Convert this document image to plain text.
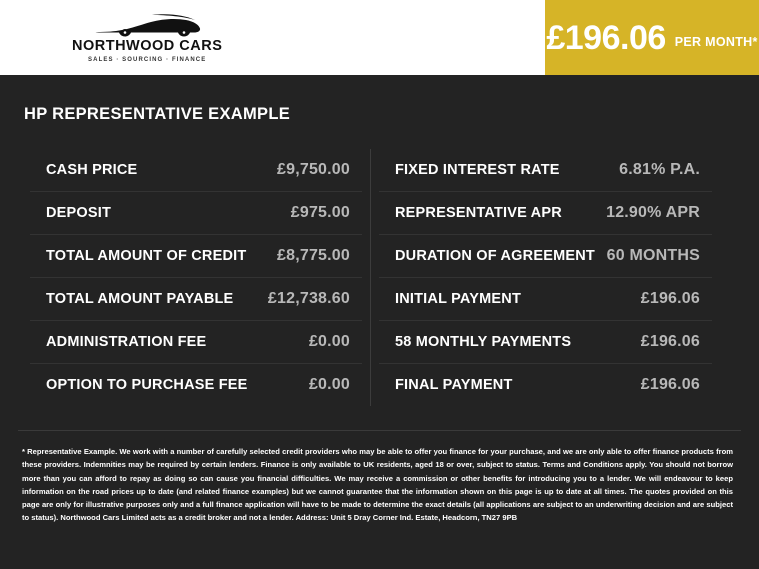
NORTHWOOD CARS
SALES · SOURCING · FINANCE
£196.06 PER MONTH*
HP REPRESENTATIVE EXAMPLE
CASH PRICE	£9,750.00
DEPOSIT	£975.00
TOTAL AMOUNT OF CREDIT £8,775.00
TOTAL AMOUNT PAYABLE £12,738.60
ADMINISTRATION FEE	£0.00
OPTION TO PURCHASE FEE	£0.00
FIXED INTEREST RATE	6.81% P.A.
REPRESENTATIVE APR	12.90% APR
DURATION OF AGREEMENT 60 MONTHS
INITIAL PAYMENT	£196.06
58 MONTHLY PAYMENTS	£196.06
FINAL PAYMENT	£196.06
* Representative Example. We work with a number of carefully selected credit providers who may be able to offer you finance for your purchase, and we are only able to offer finance products from these providers. Indemnities may be required by certain lenders. Finance is only available to UK residents, aged 18 or over, subject to status. Terms and Conditions apply. You should not borrow more than you can afford to repay as doing so can cause you financial difficulties. We may receive a commission or other benefits for introducing you to a lender. We will endeavour to keep information on the road prices up to date (and related finance examples) but we cannot guarantee that the information shown on this page is up to date at all times. The quotes provided on this page are only for illustrative purposes only and a full finance application will have to be made to determine the exact details (all applications are subject to an underwriting decision and are subject to status). Northwood Cars Limited acts as a credit broker and not a lender. Address: Unit 5 Dray Corner Ind. Estate, Headcorn, TN27 9PB
